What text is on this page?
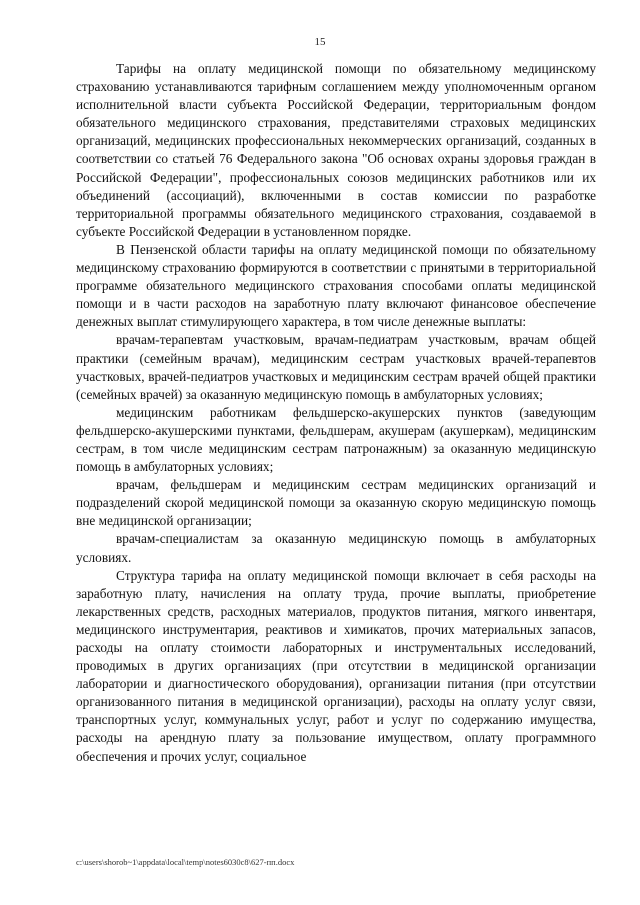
15

Тарифы на оплату медицинской помощи по обязательному медицинскому страхованию устанавливаются тарифным соглашением между уполномоченным органом исполнительной власти субъекта Российской Федерации, территориальным фондом обязательного медицинского страхования, представителями страховых медицинских организаций, медицинских профессиональных некоммерческих организаций, созданных в соответствии со статьей 76 Федерального закона "Об основах охраны здоровья граждан в Российской Федерации", профессиональных союзов медицинских работников или их объединений (ассоциаций), включенными в состав комиссии по разработке территориальной программы обязательного медицинского страхования, создаваемой в субъекте Российской Федерации в установленном порядке.

В Пензенской области тарифы на оплату медицинской помощи по обязательному медицинскому страхованию формируются в соответствии с принятыми в территориальной программе обязательного медицинского страхования способами оплаты медицинской помощи и в части расходов на заработную плату включают финансовое обеспечение денежных выплат стимулирующего характера, в том числе денежные выплаты:

врачам-терапевтам участковым, врачам-педиатрам участковым, врачам общей практики (семейным врачам), медицинским сестрам участковых врачей-терапевтов участковых, врачей-педиатров участковых и медицинским сестрам врачей общей практики (семейных врачей) за оказанную медицинскую помощь в амбулаторных условиях;

медицинским работникам фельдшерско-акушерских пунктов (заведующим фельдшерско-акушерскими пунктами, фельдшерам, акушерам (акушеркам), медицинским сестрам, в том числе медицинским сестрам патронажным) за оказанную медицинскую помощь в амбулаторных условиях;

врачам, фельдшерам и медицинским сестрам медицинских организаций и подразделений скорой медицинской помощи за оказанную скорую медицинскую помощь вне медицинской организации;

врачам-специалистам за оказанную медицинскую помощь в амбулаторных условиях.

Структура тарифа на оплату медицинской помощи включает в себя расходы на заработную плату, начисления на оплату труда, прочие выплаты, приобретение лекарственных средств, расходных материалов, продуктов питания, мягкого инвентаря, медицинского инструментария, реактивов и химикатов, прочих материальных запасов, расходы на оплату стоимости лабораторных и инструментальных исследований, проводимых в других организациях (при отсутствии в медицинской организации лаборатории и диагностического оборудования), организации питания (при отсутствии организованного питания в медицинской организации), расходы на оплату услуг связи, транспортных услуг, коммунальных услуг, работ и услуг по содержанию имущества, расходы на арендную плату за пользование имуществом, оплату программного обеспечения и прочих услуг, социальное

c:\users\shorob~1\appdata\local\temp\notes6030c8\627-пп.docx
